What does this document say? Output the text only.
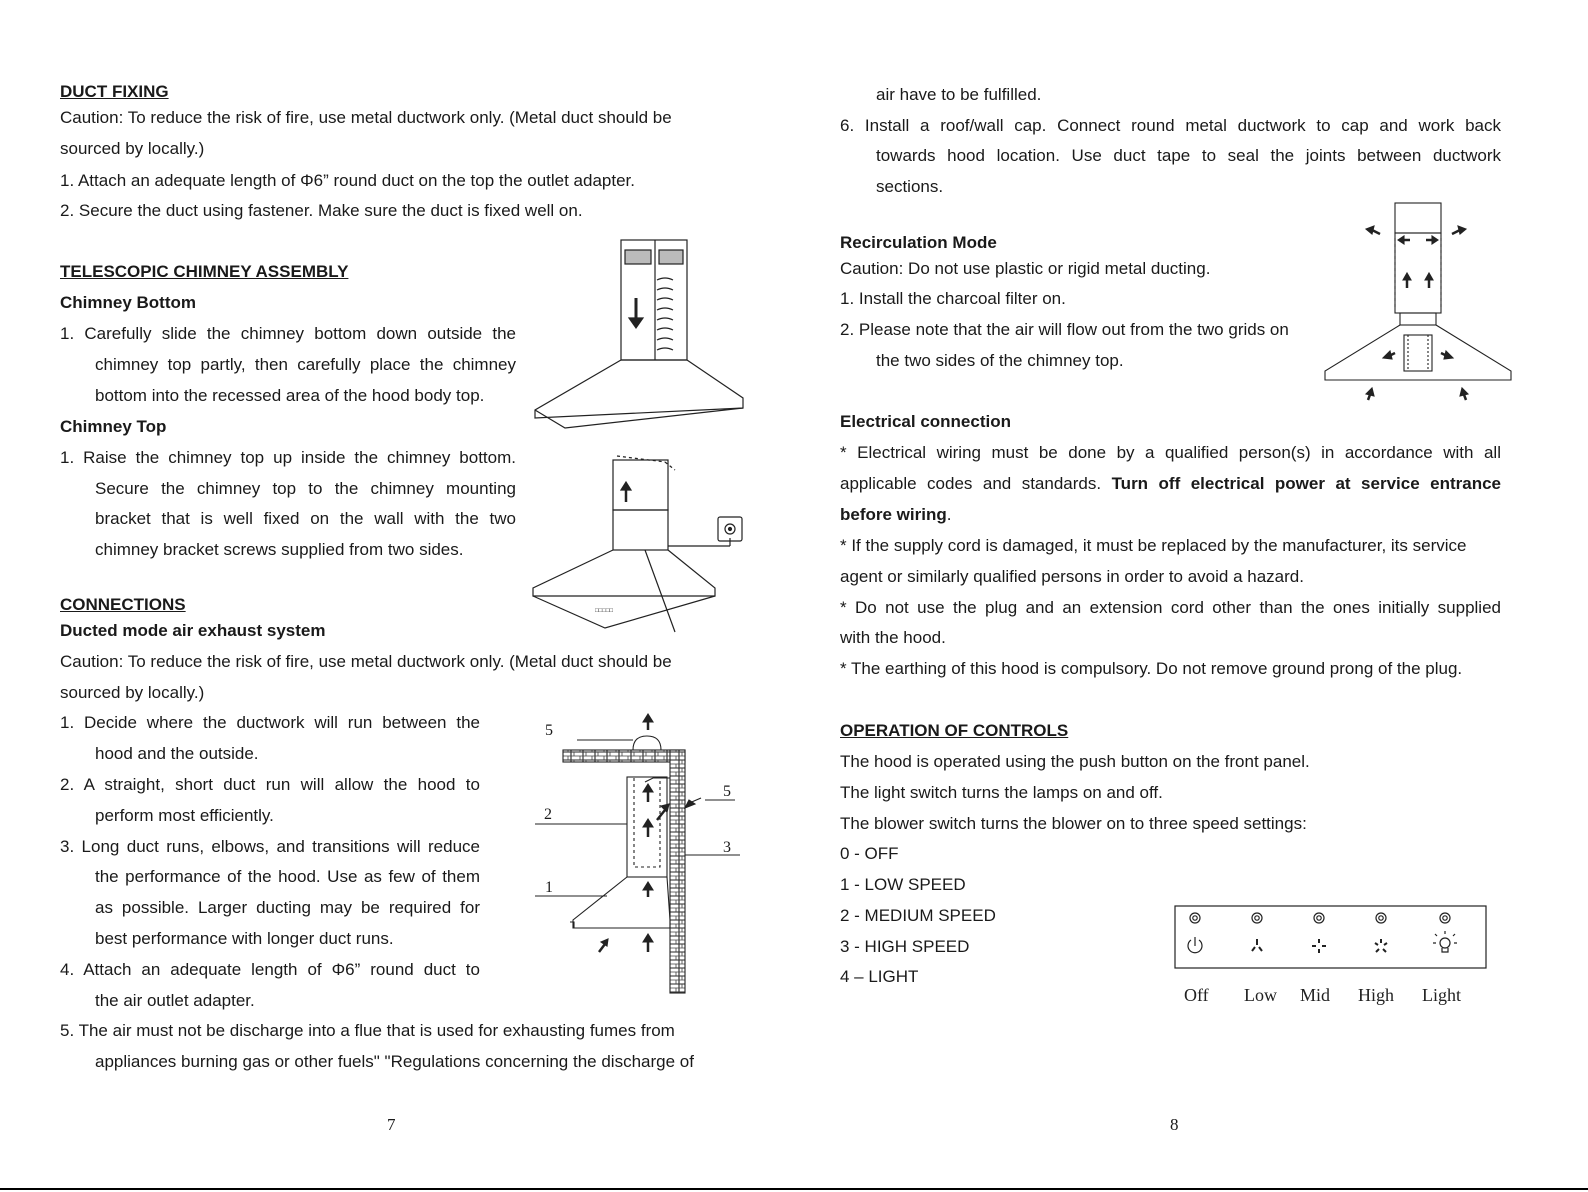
DUCT FIXING
Caution: To reduce the risk of fire, use metal ductwork only. (Metal duct should be
sourced by locally.)
1. Attach an adequate length of Φ6” round duct on the top the outlet adapter.
2. Secure the duct using fastener. Make sure the duct is fixed well on.
TELESCOPIC CHIMNEY ASSEMBLY
Chimney Bottom
1. Carefully slide the chimney bottom down outside the
chimney top partly, then carefully place the chimney
bottom into the recessed area of the hood body top.
Chimney Top
1. Raise the chimney top up inside the chimney bottom.
Secure the chimney top to the chimney mounting
bracket that is well fixed on the wall with the two
chimney bracket screws supplied from two sides.
CONNECTIONS
Ducted mode air exhaust system
Caution: To reduce the risk of fire, use metal ductwork only. (Metal duct should be
sourced by locally.)
1. Decide where the ductwork will run between the
hood and the outside.
2. A straight, short duct run will allow the hood to
perform most efficiently.
3. Long duct runs, elbows, and transitions will reduce
the performance of the hood. Use as few of them
as possible. Larger ducting may be required for
best performance with longer duct runs.
4. Attach an adequate length of Φ6” round duct to
the air outlet adapter.
5. The air must not be discharge into a flue that is used for exhausting fumes from
appliances burning gas or other fuels" "Regulations concerning the discharge of
□□□□□
5
2
1
5
3
7
air have to be fulfilled.
6. Install a roof/wall cap. Connect round metal ductwork to cap and work back
towards hood location. Use duct tape to seal the joints between ductwork
sections.
Recirculation Mode
Caution: Do not use plastic or rigid metal ducting.
1. Install the charcoal filter on.
2. Please note that the air will flow out from the two grids on
the two sides of the chimney top.
Electrical connection
* Electrical wiring must be done by a qualified person(s) in accordance with all
applicable codes and standards. Turn off electrical power at service entrance
before wiring.
* If the supply cord is damaged, it must be replaced by the manufacturer, its service
agent or similarly qualified persons in order to avoid a hazard.
* Do not use the plug and an extension cord other than the ones initially supplied
with the hood.
* The earthing of this hood is compulsory. Do not remove ground prong of the plug.
OPERATION OF CONTROLS
The hood is operated using the push button on the front panel.
The light switch turns the lamps on and off.
The blower switch turns the blower on to three speed settings:
0 - OFF
1 - LOW SPEED
2 - MEDIUM SPEED
3 - HIGH SPEED
4 – LIGHT
Off Low Mid High Light
8
